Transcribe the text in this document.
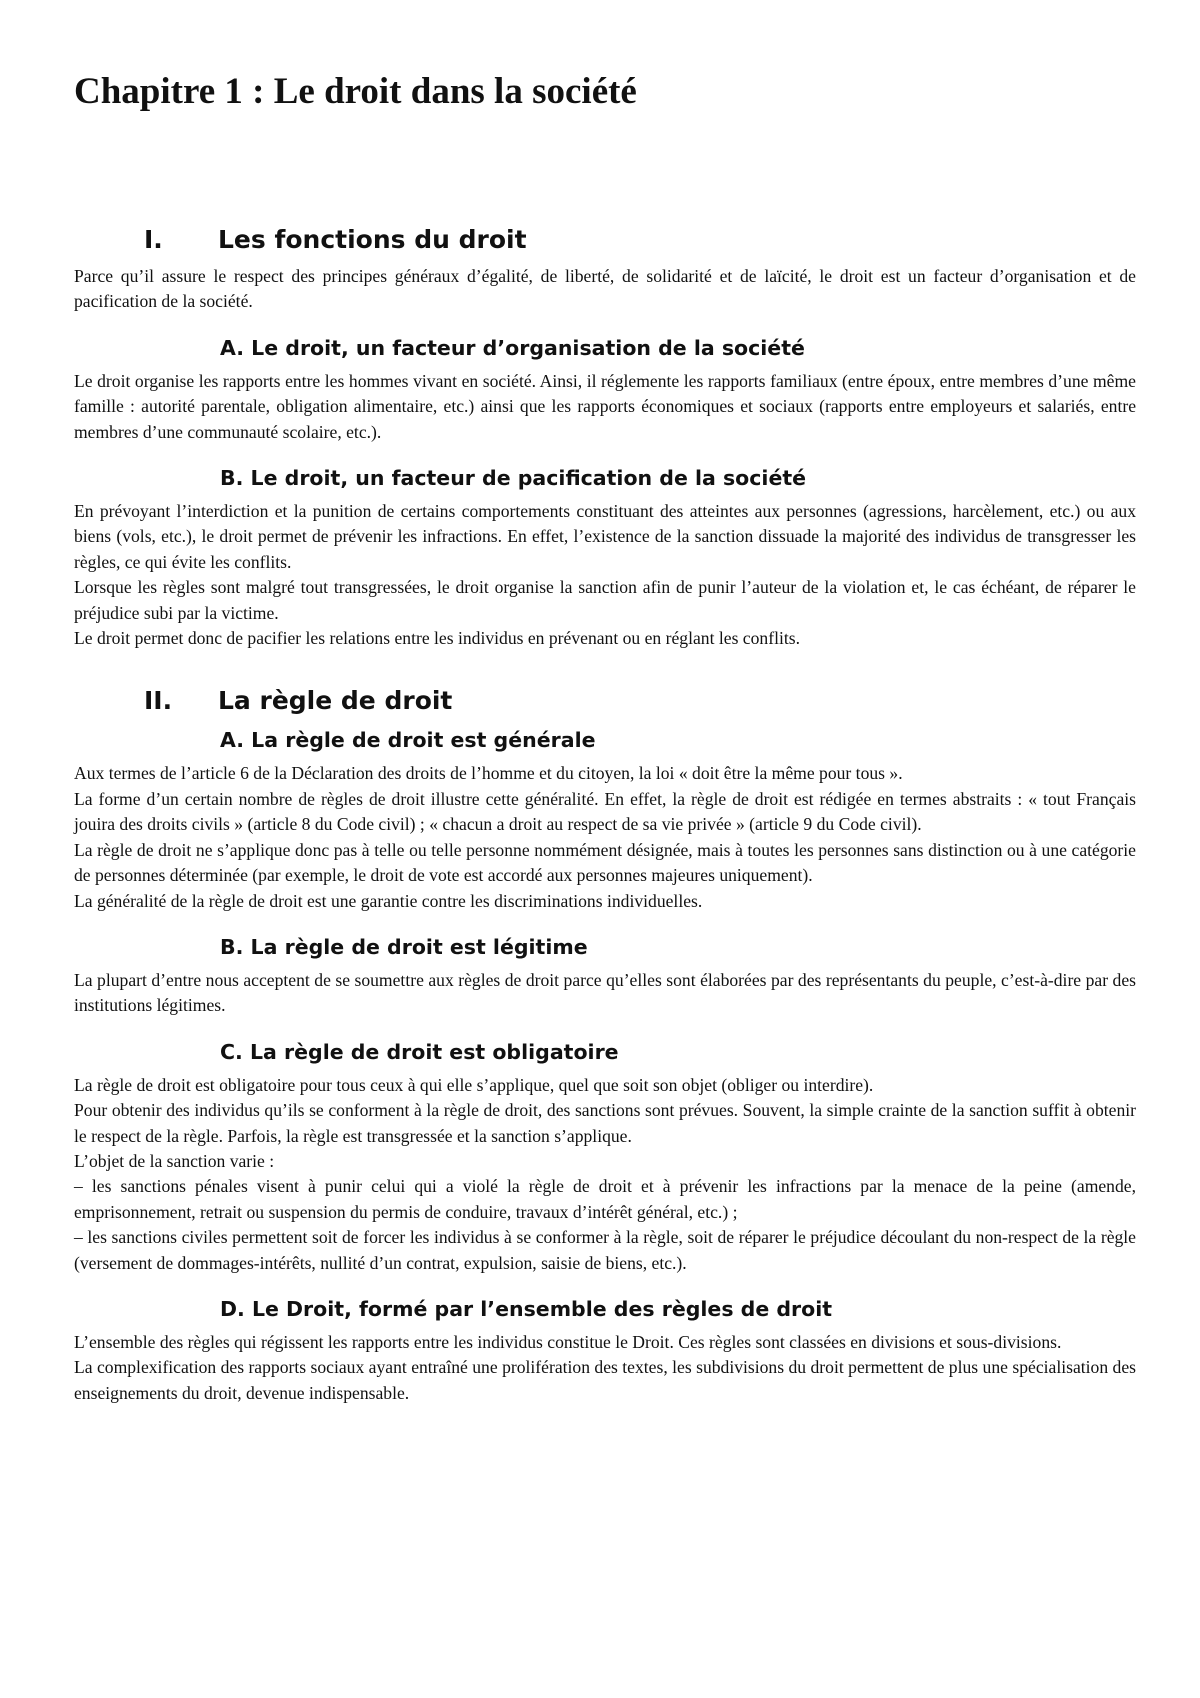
Chapitre 1 : Le droit dans la société
I.	Les fonctions du droit

Parce qu’il assure le respect des principes généraux d’égalité, de liberté, de solidarité et de laïcité, le droit est un facteur d’organisation et de pacification de la société.

A. Le droit, un facteur d’organisation de la société

Le droit organise les rapports entre les hommes vivant en société. Ainsi, il réglemente les rapports familiaux (entre époux, entre membres d’une même famille : autorité parentale, obligation alimentaire, etc.) ainsi que les rapports économiques et sociaux (rapports entre employeurs et salariés, entre membres d’une communauté scolaire, etc.).

B. Le droit, un facteur de pacification de la société

En prévoyant l’interdiction et la punition de certains comportements constituant des atteintes aux personnes (agressions, harcèlement, etc.) ou aux biens (vols, etc.), le droit permet de prévenir les infractions. En effet, l’existence de la sanction dissuade la majorité des individus de transgresser les règles, ce qui évite les conflits.

Lorsque les règles sont malgré tout transgressées, le droit organise la sanction afin de punir l’auteur de la violation et, le cas échéant, de réparer le préjudice subi par la victime.

Le droit permet donc de pacifier les relations entre les individus en prévenant ou en réglant les conflits.

II.	La règle de droit
A. La règle de droit est générale

Aux termes de l’article 6 de la Déclaration des droits de l’homme et du citoyen, la loi « doit être la même pour tous ».

La forme d’un certain nombre de règles de droit illustre cette généralité. En effet, la règle de droit est rédigée en termes abstraits : « tout Français jouira des droits civils » (article 8 du Code civil) ; « chacun a droit au respect de sa vie privée » (article 9 du Code civil).

La règle de droit ne s’applique donc pas à telle ou telle personne nommément désignée, mais à toutes les personnes sans distinction ou à une catégorie de personnes déterminée (par exemple, le droit de vote est accordé aux personnes majeures uniquement).

La généralité de la règle de droit est une garantie contre les discriminations individuelles.

B. La règle de droit est légitime

La plupart d’entre nous acceptent de se soumettre aux règles de droit parce qu’elles sont élaborées par des représentants du peuple, c’est-à-dire par des institutions légitimes.

C. La règle de droit est obligatoire

La règle de droit est obligatoire pour tous ceux à qui elle s’applique, quel que soit son objet (obliger ou interdire).

Pour obtenir des individus qu’ils se conforment à la règle de droit, des sanctions sont prévues. Souvent, la simple crainte de la sanction suffit à obtenir le respect de la règle. Parfois, la règle est transgressée et la sanction s’applique.

L’objet de la sanction varie :

– les sanctions pénales visent à punir celui qui a violé la règle de droit et à prévenir les infractions par la menace de la peine (amende, emprisonnement, retrait ou suspension du permis de conduire, travaux d’intérêt général, etc.) ;

– les sanctions civiles permettent soit de forcer les individus à se conformer à la règle, soit de réparer le préjudice découlant du non-respect de la règle (versement de dommages-intérêts, nullité d’un contrat, expulsion, saisie de biens, etc.).

D. Le Droit, formé par l’ensemble des règles de droit

L’ensemble des règles qui régissent les rapports entre les individus constitue le Droit. Ces règles sont classées en divisions et sous-divisions.

La complexification des rapports sociaux ayant entraîné une prolifération des textes, les subdivisions du droit permettent de plus une spécialisation des enseignements du droit, devenue indispensable.
